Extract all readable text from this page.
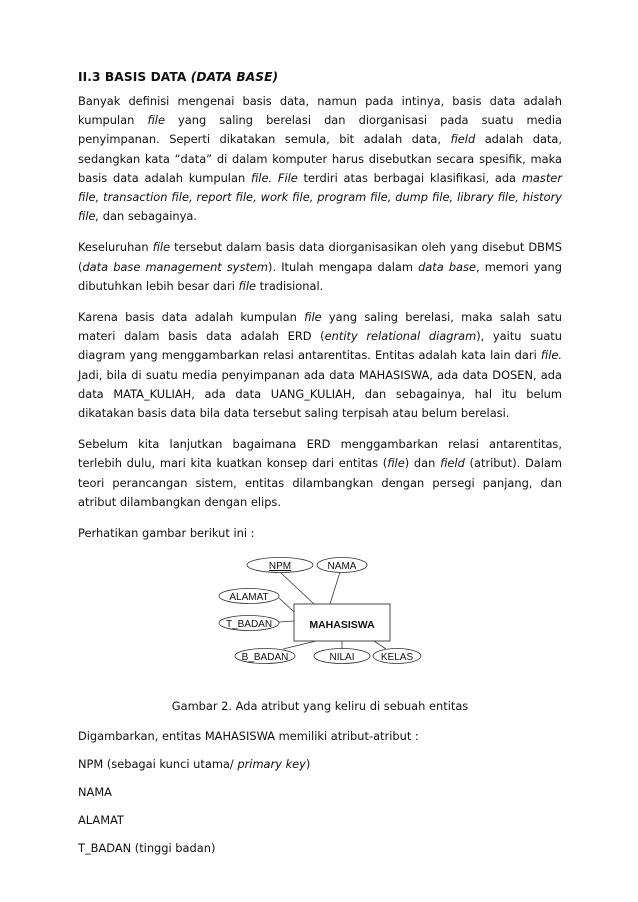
II.3 BASIS DATA (DATA BASE)

Banyak definisi mengenai basis data, namun pada intinya, basis data adalah kumpulan file yang saling berelasi dan diorganisasi pada suatu media penyimpanan. Seperti dikatakan semula, bit adalah data, field adalah data, sedangkan kata “data” di dalam komputer harus disebutkan secara spesifik, maka basis data adalah kumpulan file. File terdiri atas berbagai klasifikasi, ada master file, transaction file, report file, work file, program file, dump file, library file, history file, dan sebagainya.

Keseluruhan file tersebut dalam basis data diorganisasikan oleh yang disebut DBMS (data base management system). Itulah mengapa dalam data base, memori yang dibutuhkan lebih besar dari file tradisional.

Karena basis data adalah kumpulan file yang saling berelasi, maka salah satu materi dalam basis data adalah ERD (entity relational diagram), yaitu suatu diagram yang menggambarkan relasi antarentitas. Entitas adalah kata lain dari file. Jadi, bila di suatu media penyimpanan ada data MAHASISWA, ada data DOSEN, ada data MATA_KULIAH, ada data UANG_KULIAH, dan sebagainya, hal itu belum dikatakan basis data bila data tersebut saling terpisah atau belum berelasi.

Sebelum kita lanjutkan bagaimana ERD menggambarkan relasi antarentitas, terlebih dulu, mari kita kuatkan konsep dari entitas (file) dan field (atribut). Dalam teori perancangan sistem, entitas dilambangkan dengan persegi panjang, dan atribut dilambangkan dengan elips.

Perhatikan gambar berikut ini :

MAHASISWA
NPM	NAMA
ALAMAT
T_BADAN
B_BADAN	NILAI	KELAS
Gambar 2. Ada atribut yang keliru di sebuah entitas
Digambarkan, entitas MAHASISWA memiliki atribut-atribut :
NPM (sebagai kunci utama/ primary key)
NAMA
ALAMAT
T_BADAN (tinggi badan)
